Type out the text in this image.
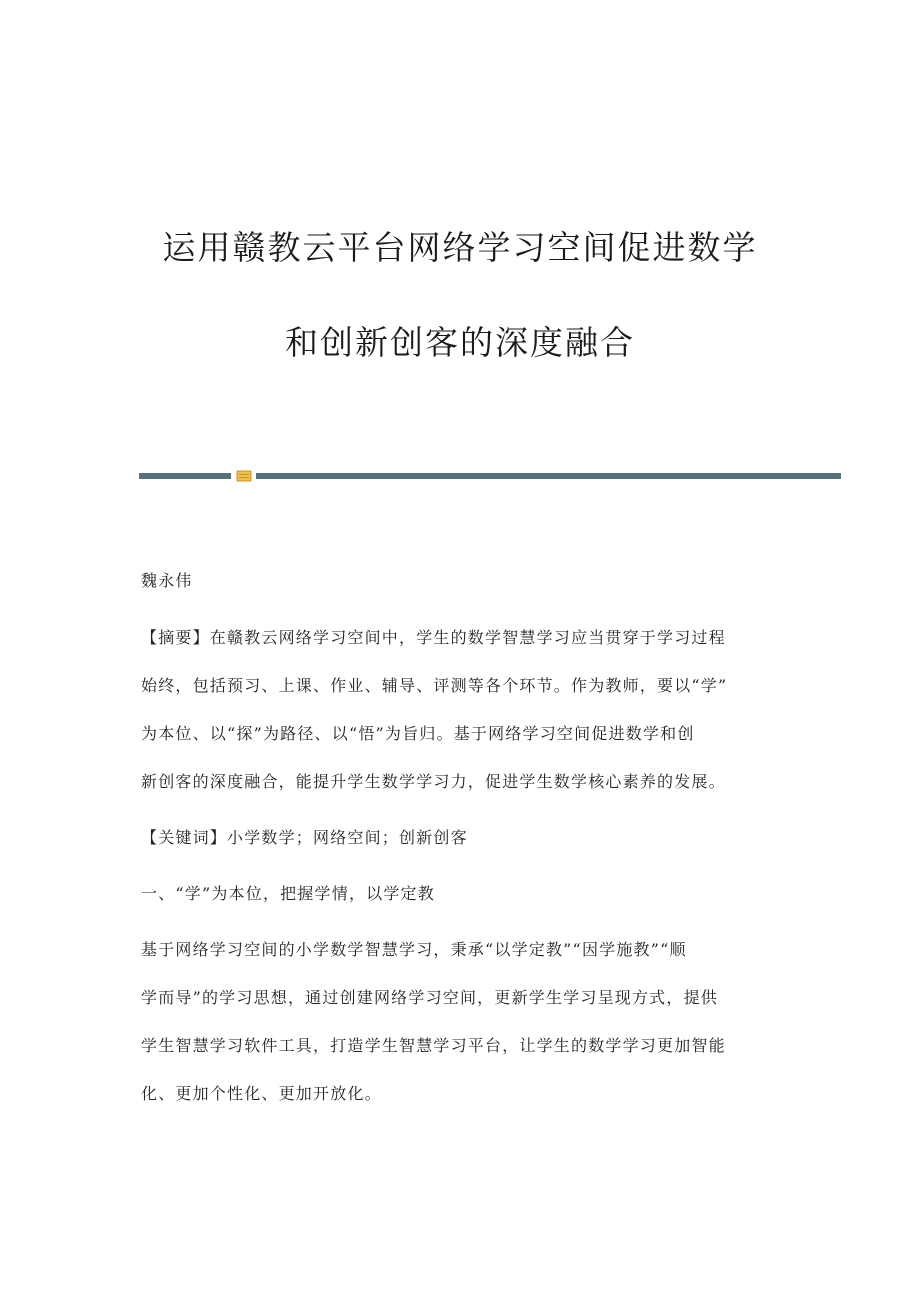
运用赣教云平台网络学习空间促进数学
和创新创客的深度融合
魏永伟
【摘要】在赣教云网络学习空间中，学生的数学智慧学习应当贯穿于学习过程
始终，包括预习、上课、作业、辅导、评测等各个环节。作为教师，要以“学”
为本位、以“探”为路径、以“悟”为旨归。基于网络学习空间促进数学和创
新创客的深度融合，能提升学生数学学习力，促进学生数学核心素养的发展。
【关键词】小学数学；网络空间；创新创客
一、“学”为本位，把握学情，以学定教
基于网络学习空间的小学数学智慧学习，秉承“以学定教”“因学施教”“顺
学而导”的学习思想，通过创建网络学习空间，更新学生学习呈现方式，提供
学生智慧学习软件工具，打造学生智慧学习平台，让学生的数学学习更加智能
化、更加个性化、更加开放化。
